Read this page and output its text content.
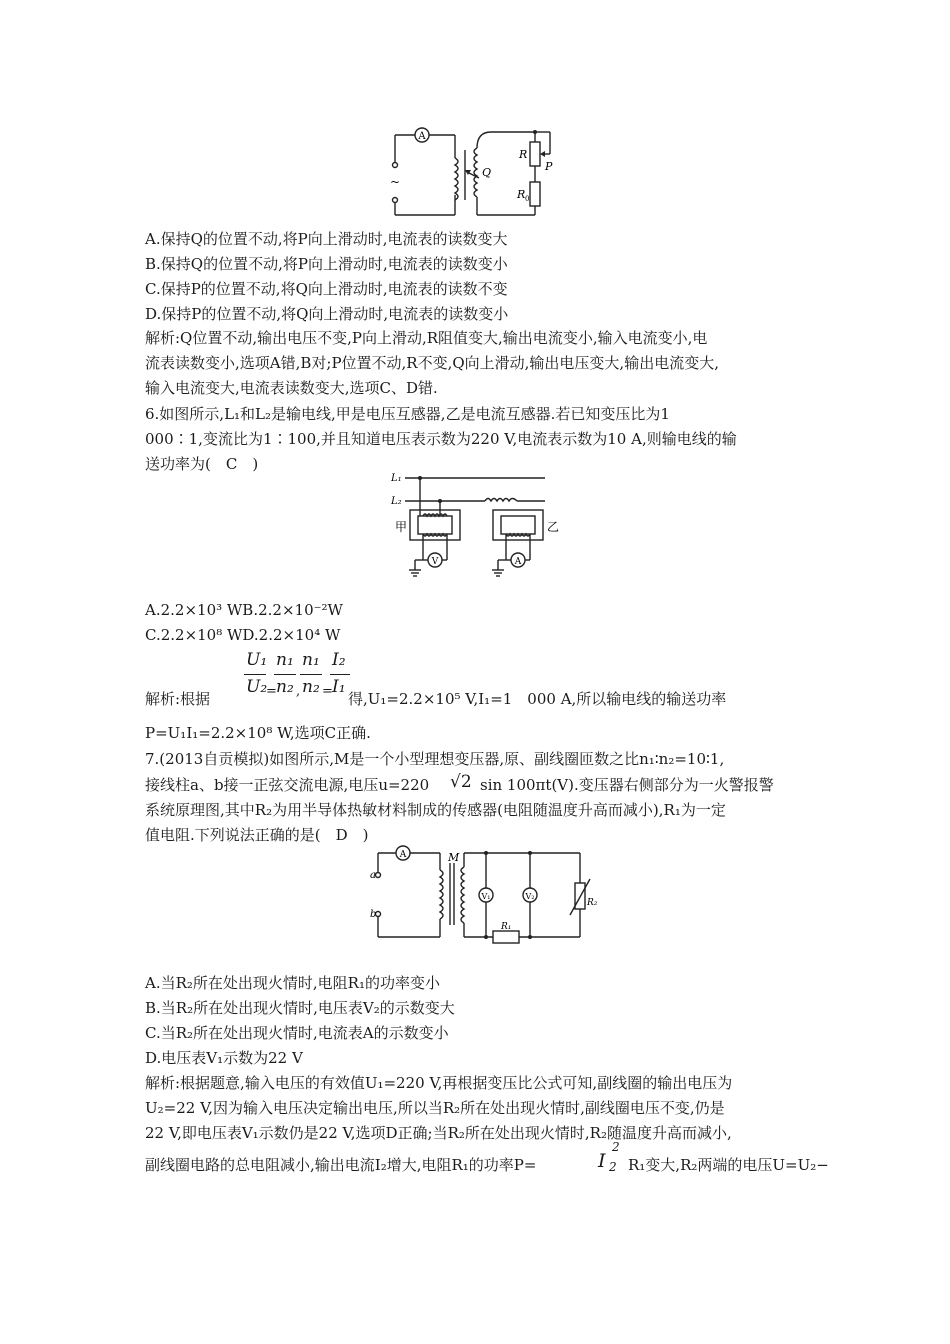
A
~
Q
R
P
R 0
A.保持Q的位置不动,将P向上滑动时,电流表的读数变大
B.保持Q的位置不动,将P向上滑动时,电流表的读数变小
C.保持P的位置不动,将Q向上滑动时,电流表的读数不变
D.保持P的位置不动,将Q向上滑动时,电流表的读数变小
解析:Q位置不动,输出电压不变,P向上滑动,R阻值变大,输出电流变小,输入电流变小,电
流表读数变小,选项A错,B对;P位置不动,R不变,Q向上滑动,输出电压变大,输出电流变大,
输入电流变大,电流表读数变大,选项C、D错.
6.如图所示,L₁和L₂是输电线,甲是电压互感器,乙是电流互感器.若已知变压比为1
000∶1,变流比为1∶100,并且知道电压表示数为220 V,电流表示数为10 A,则输电线的输
送功率为(　C　)
L₁
L₂
甲	乙
V	A
A.2.2×10³ WB.2.2×10⁻²W
C.2.2×10⁸ WD.2.2×10⁴ W
解析:根据
U₁
U₂
=
n₁
n₂ ,
n₁
n₂ =
I₂
I₁
得,U₁=2.2×10⁵ V,I₁=1　000 A,所以输电线的输送功率
P=U₁I₁=2.2×10⁸ W,选项C正确.
7.(2013自贡模拟)如图所示,M是一个小型理想变压器,原、副线圈匝数之比n₁∶n₂=10∶1,
接线柱a、b接一正弦交流电源,电压u=220 √2 sin 100πt(V).变压器右侧部分为一火警报警
系统原理图,其中R₂为用半导体热敏材料制成的传感器(电阻随温度升高而减小),R₁为一定
值电阻.下列说法正确的是(　D　)
a
b
A	M
V₁	V₂
R₂
R₁
A.当R₂所在处出现火情时,电阻R₁的功率变小
B.当R₂所在处出现火情时,电压表V₂的示数变大
C.当R₂所在处出现火情时,电流表A的示数变小
D.电压表V₁示数为22 V
解析:根据题意,输入电压的有效值U₁=220 V,再根据变压比公式可知,副线圈的输出电压为
U₂=22 V,因为输入电压决定输出电压,所以当R₂所在处出现火情时,副线圈电压不变,仍是
22 V,即电压表V₁示数仍是22 V,选项D正确;当R₂所在处出现火情时,R₂随温度升高而减小,
副线圈电路的总电阻减小,输出电流I₂增大,电阻R₁的功率P=	I 2
2
R₁变大,R₂两端的电压U=U₂−
